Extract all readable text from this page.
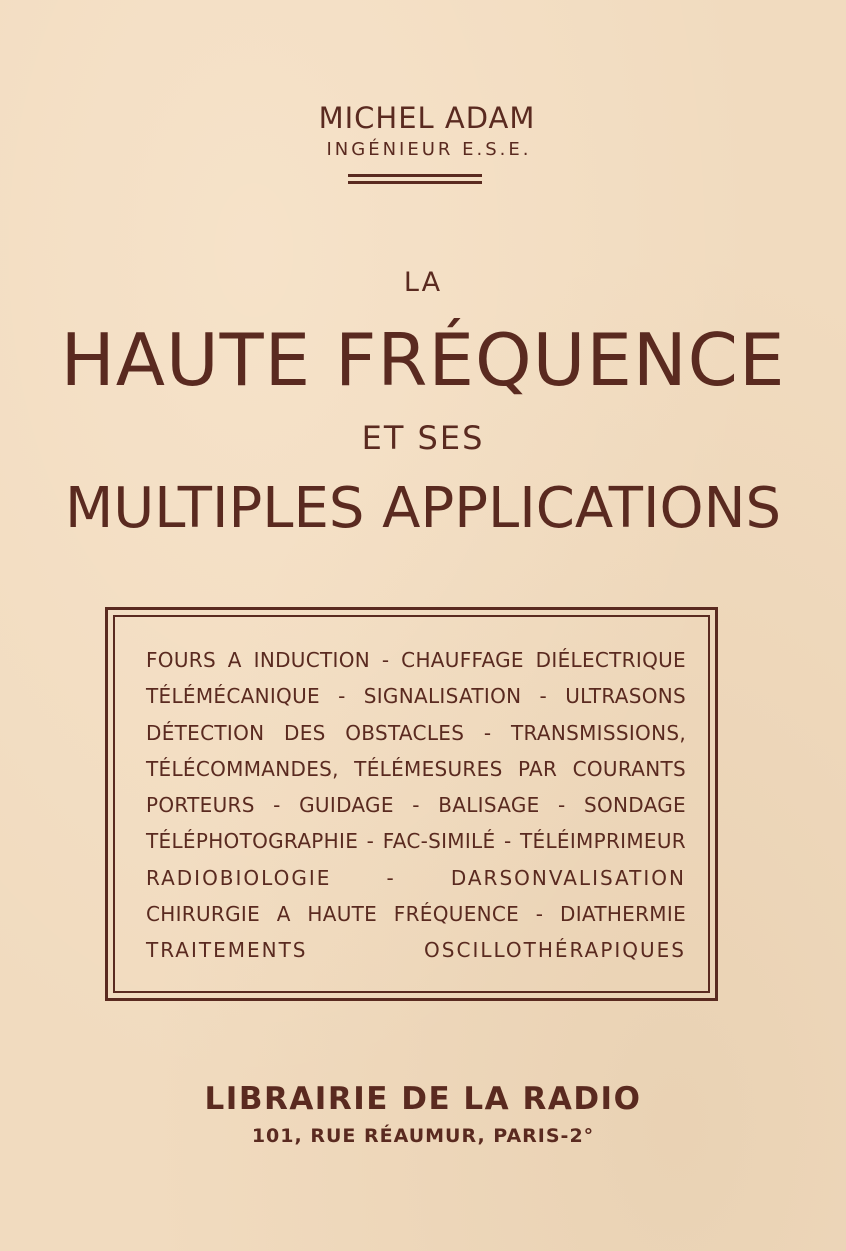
MICHEL ADAM
INGÉNIEUR E.S.E.
LA
HAUTE FRÉQUENCE
ET SES
MULTIPLES APPLICATIONS
FOURS A INDUCTION - CHAUFFAGE DIÉLECTRIQUE
TÉLÉMÉCANIQUE - SIGNALISATION - ULTRASONS
DÉTECTION DES OBSTACLES - TRANSMISSIONS,
TÉLÉCOMMANDES, TÉLÉMESURES PAR COURANTS
PORTEURS - GUIDAGE - BALISAGE - SONDAGE
TÉLÉPHOTOGRAPHIE - FAC-SIMILÉ - TÉLÉIMPRIMEUR
RADIOBIOLOGIE - DARSONVALISATION
CHIRURGIE A HAUTE FRÉQUENCE - DIATHERMIE
TRAITEMENTS OSCILLOTHÉRAPIQUES
LIBRAIRIE DE LA RADIO
101, RUE RÉAUMUR, PARIS-2°
